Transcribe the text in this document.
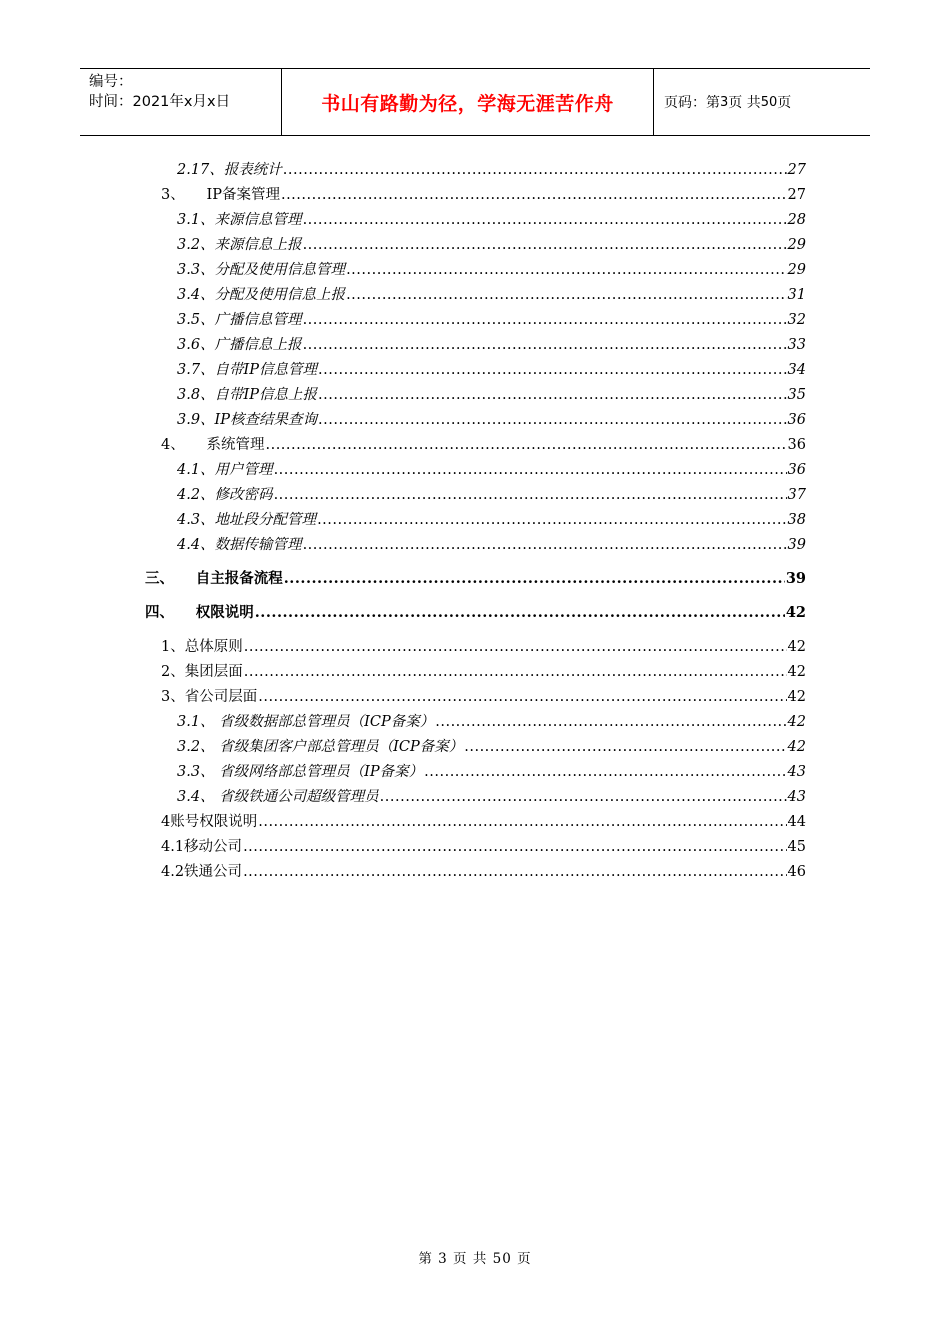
编号：
时间：2021年x月x日	书山有路勤为径，学海无涯苦作舟	页码：第 3 页 共 50 页
2.17、报表统计 .....	27
3、　　IP备案管理 .....	27
3.1、来源信息管理 .....	28
3.2、来源信息上报 .....	29
3.3、分配及使用信息管理 .....	29
3.4、分配及使用信息上报 .....	31
3.5、广播信息管理 .....	32
3.6、广播信息上报 .....	33
3.7、自带IP信息管理 .....	34
3.8、自带IP信息上报 .....	35
3.9、IP核查结果查询 .....	36
4、　　系统管理 .....	36
4.1、用户管理 .....	36
4.2、修改密码 .....	37
4.3、地址段分配管理 .....	38
4.4、数据传输管理 .....	39
三、　　自主报备流程 .....	39
四、　　权限说明 .....	42
1、总体原则 .....	42
2、集团层面 .....	42
3、省公司层面 .....	42
3.1、 省级数据部总管理员（ICP备案） .....	42
3.2、 省级集团客户部总管理员（ICP备案） .....	42
3.3、 省级网络部总管理员（IP备案） .....	43
3.4、 省级铁通公司超级管理员 .....	43
4账号权限说明 .....	44
4.1移动公司 .....	45
4.2铁通公司 .....	46
第 3 页 共 50 页
